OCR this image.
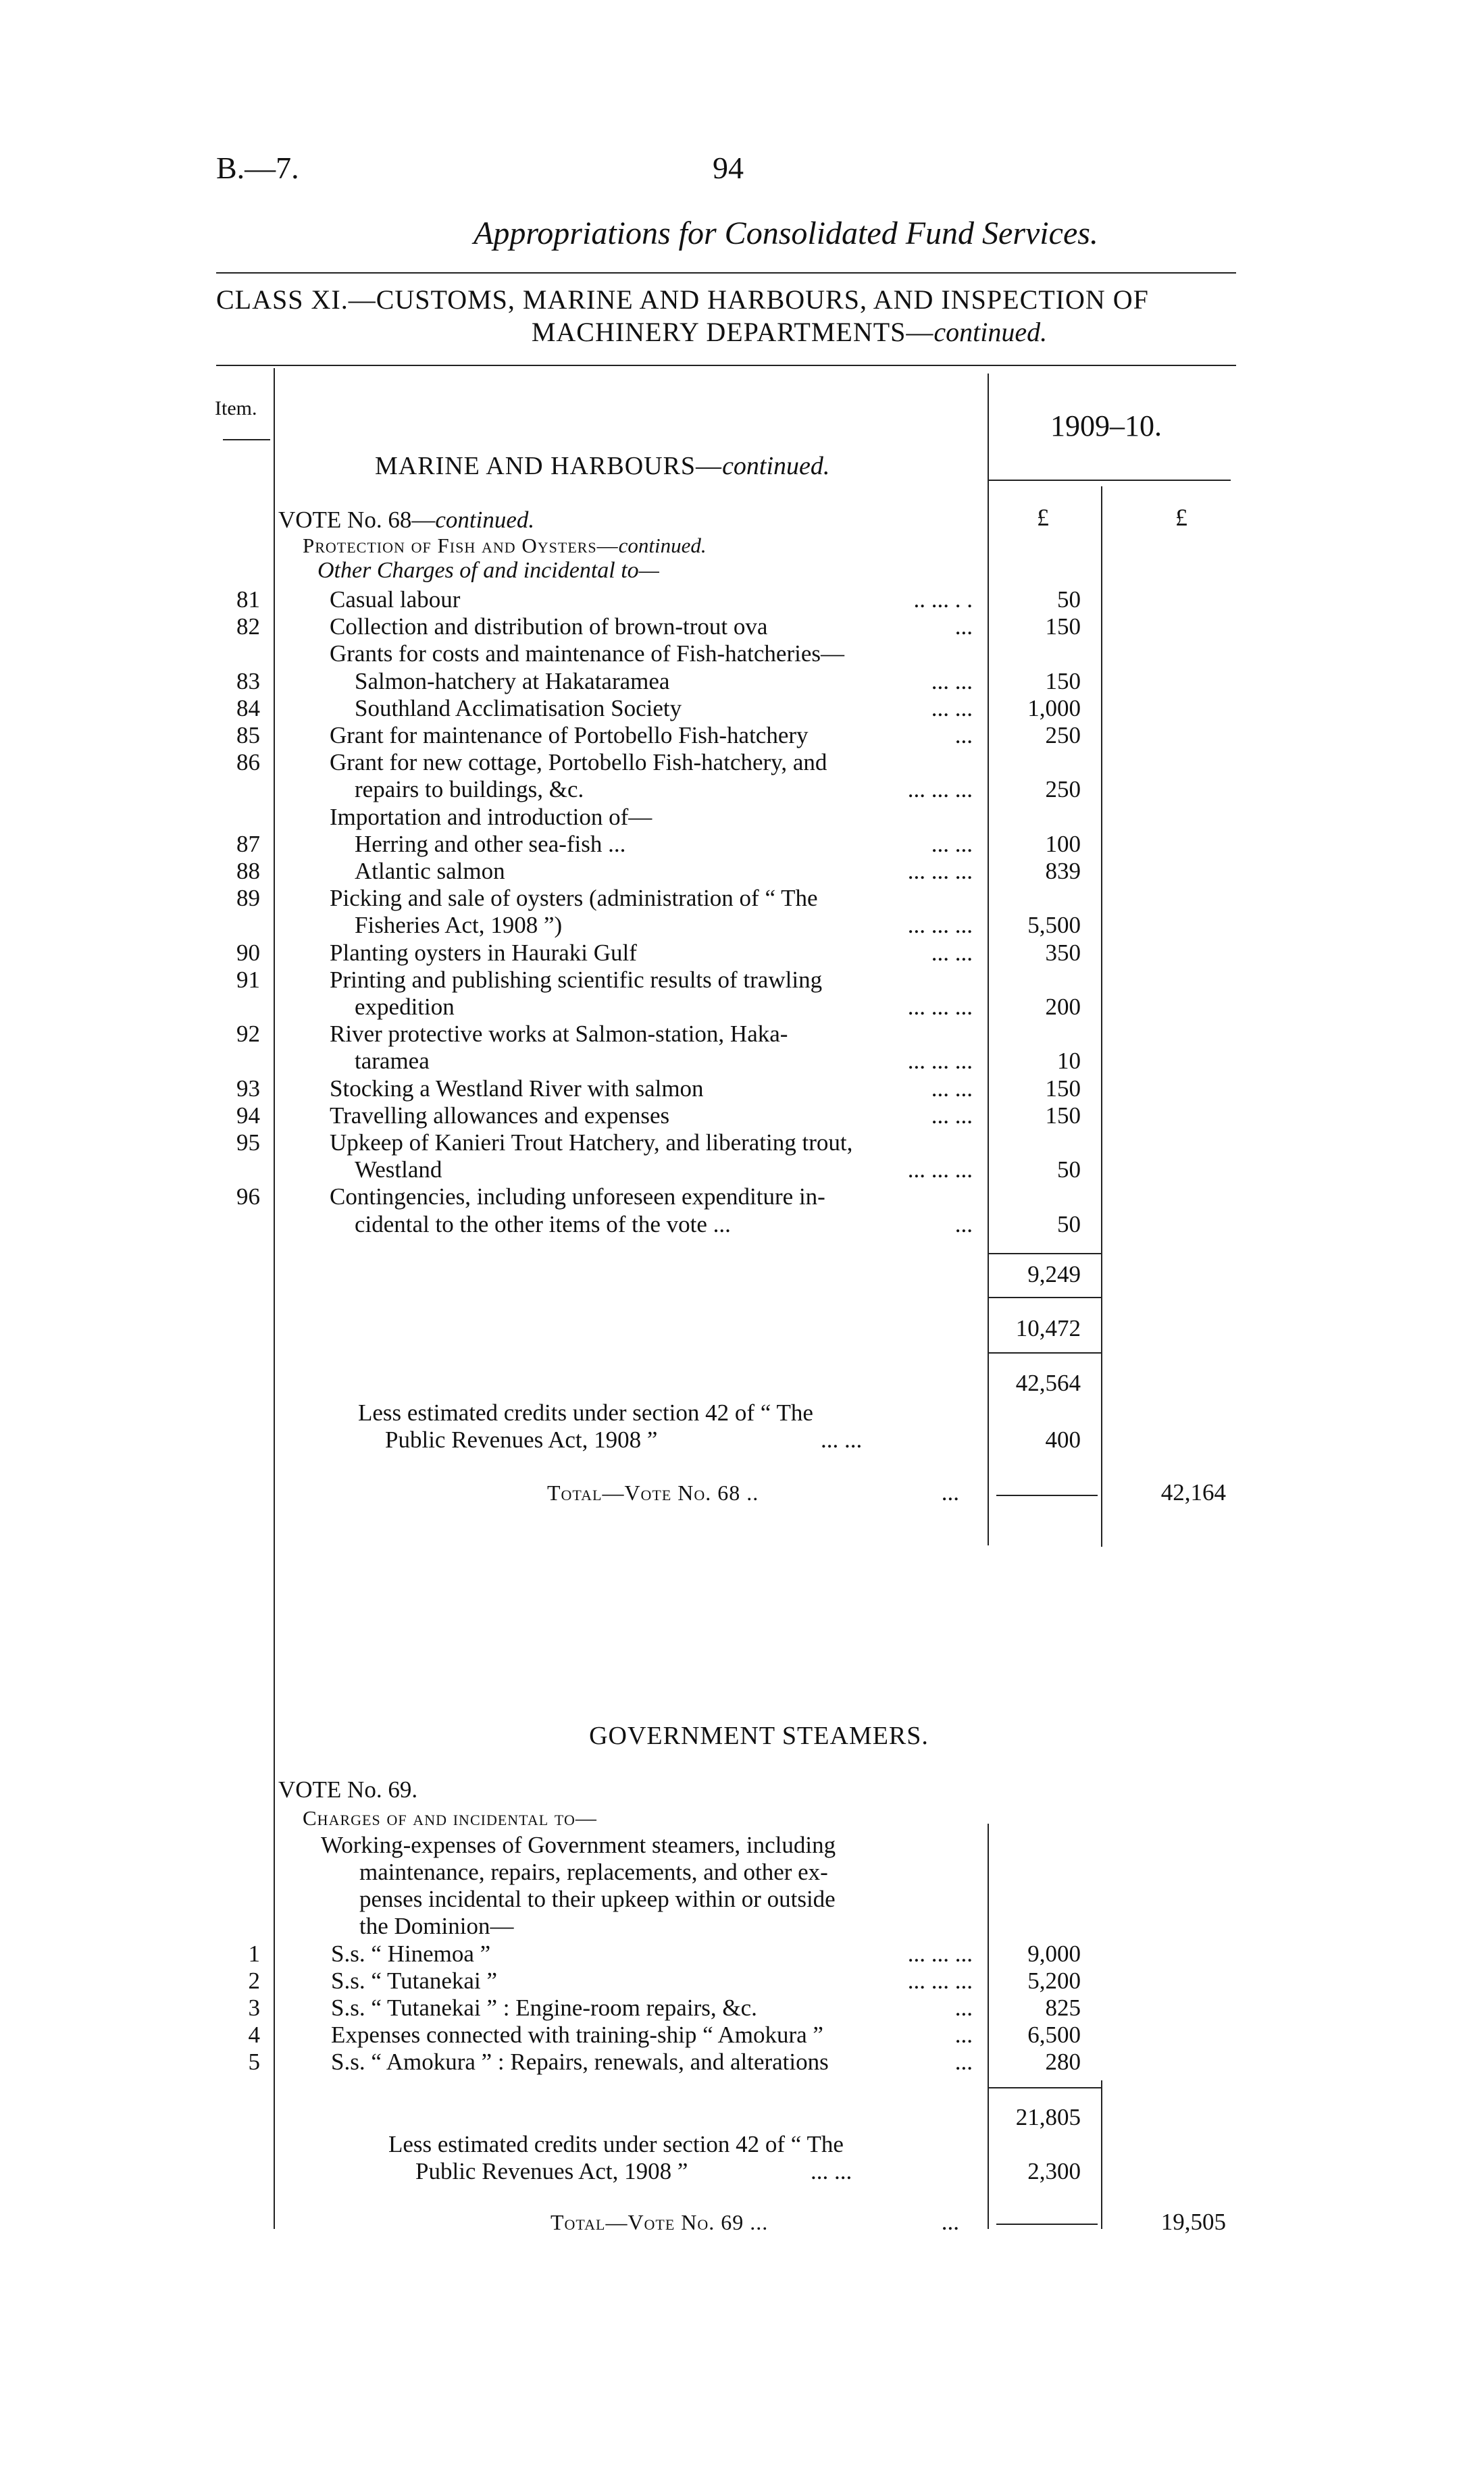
B.—7.	94
Appropriations for Consolidated Fund Services.
CLASS XI.—CUSTOMS, MARINE AND HARBOURS, AND INSPECTION OF
MACHINERY DEPARTMENTS—continued.
Item.
1909–10.
£	£
MARINE AND HARBOURS—continued.
VOTE No. 68—continued.
Protection of Fish and Oysters—continued.
Other Charges of and incidental to—
81	Casual labour	.. ... . .	50
82	Collection and distribution of brown-trout ova	...	150
Grants for costs and maintenance of Fish-hatcheries—
83	Salmon-hatchery at Hakataramea	... ...	150
84	Southland Acclimatisation Society	... ... 1,000
85	Grant for maintenance of Portobello Fish-hatchery	...	250
86	Grant for new cottage, Portobello Fish-hatchery, and
repairs to buildings, &c.	... ... ...	250
Importation and introduction of—
87	Herring and other sea-fish ...	... ...	100
88	Atlantic salmon	... ... ...	839
89	Picking and sale of oysters (administration of “ The
Fisheries Act, 1908 ”)	... ... ... 5,500
90	Planting oysters in Hauraki Gulf	... ...	350
91	Printing and publishing scientific results of trawling
expedition	... ... ...	200
92	River protective works at Salmon-station, Haka-
taramea	... ... ...	10
93	Stocking a Westland River with salmon	... ...	150
94	Travelling allowances and expenses	... ...	150
95	Upkeep of Kanieri Trout Hatchery, and liberating trout,
Westland	... ... ...	50
96	Contingencies, including unforeseen expenditure in-
cidental to the other items of the vote ...	...	50
9,249
10,472
42,564
Less estimated credits under section 42 of “ The
Public Revenues Act, 1908 ”	... ...	400
Total—Vote No. 68 ..	...	42,164
GOVERNMENT STEAMERS.
VOTE No. 69.
Charges of and incidental to—
Working-expenses of Government steamers, including
maintenance, repairs, replacements, and other ex-
penses incidental to their upkeep within or outside
the Dominion—
1	S.s. “ Hinemoa ”	... ... ... 9,000
2	S.s. “ Tutanekai ”	... ... ... 5,200
3	S.s. “ Tutanekai ” : Engine-room repairs, &c.	...	825
4	Expenses connected with training-ship “ Amokura ”	... 6,500
5	S.s. “ Amokura ” : Repairs, renewals, and alterations	...	280
21,805
Less estimated credits under section 42 of “ The
Public Revenues Act, 1908 ”	... ...	2,300
Total—Vote No. 69 ...	...	19,505
